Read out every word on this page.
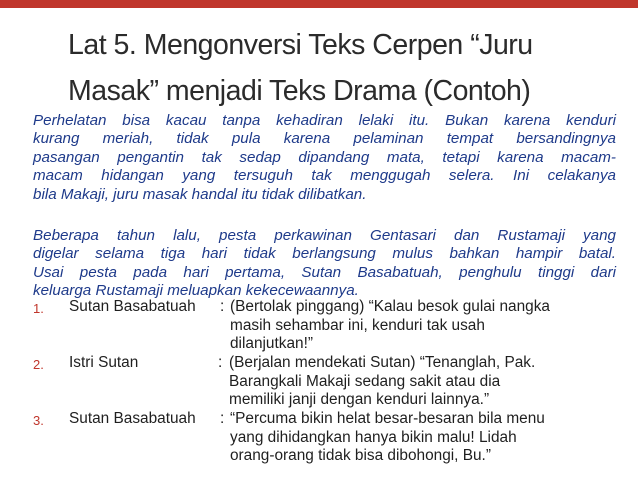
Lat 5. Mengonversi Teks Cerpen “Juru
Masak” menjadi Teks Drama (Contoh)
Perhelatan bisa kacau tanpa kehadiran lelaki itu. Bukan karena kenduri
kurang meriah, tidak pula karena pelaminan tempat bersandingnya
pasangan pengantin tak sedap dipandang mata, tetapi karena macam-
macam hidangan yang tersuguh tak menggugah selera. Ini celakanya
bila Makaji, juru masak handal itu tidak dilibatkan.
Beberapa tahun lalu, pesta perkawinan Gentasari dan Rustamaji yang
digelar selama tiga hari tidak berlangsung mulus bahkan hampir batal.
Usai pesta pada hari pertama, Sutan Basabatuah, penghulu tinggi dari
keluarga Rustamaji meluapkan kekecewaannya.
1. Sutan Basabatuah : (Bertolak pinggang) “Kalau besok gulai nangka
masih sehambar ini, kenduri tak usah
dilanjutkan!”
2. Istri Sutan	: (Berjalan mendekati Sutan) “Tenanglah, Pak.
Barangkali Makaji sedang sakit atau dia
memiliki janji dengan kenduri lainnya.”
3. Sutan Basabatuah : “Percuma bikin helat besar-besaran bila menu
yang dihidangkan hanya bikin malu! Lidah
orang-orang tidak bisa dibohongi, Bu.”
